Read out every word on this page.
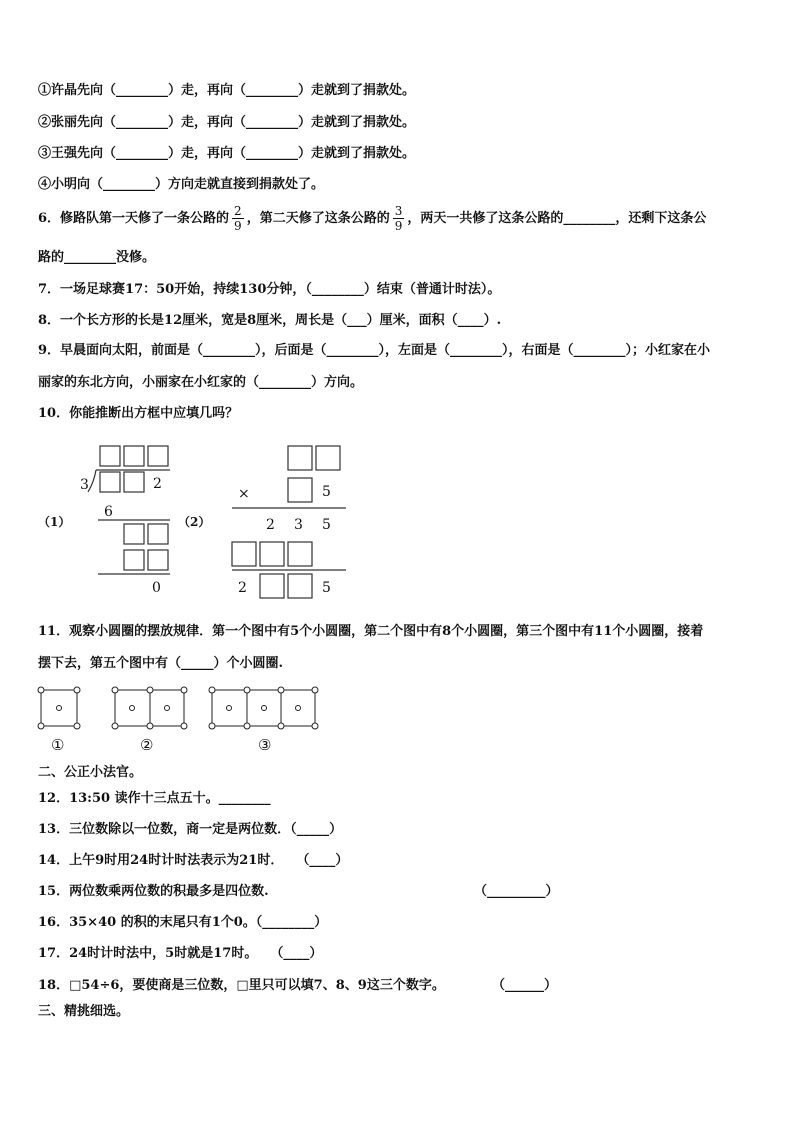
①许晶先向（________）走，再向（________）走就到了捐款处。
②张丽先向（________）走，再向（________）走就到了捐款处。
③王强先向（________）走，再向（________）走就到了捐款处。
④小明向（________）方向走就直接到捐款处了。
6．修路队第一天修了一条公路的 $\frac{2}{9}$ ，第二天修了这条公路的 $\frac{3}{9}$ ，两天一共修了这条公路的________，还剩下这条公
路的________没修。
7．一场足球赛17：50开始，持续130分钟，（________）结束（普通计时法）。
8．一个长方形的长是12厘米，宽是8厘米，周长是（___）厘米，面积（____）.
9．早晨面向太阳，前面是（________），后面是（________），左面是（________），右面是（________）；小红家在小
丽家的东北方向，小丽家在小红家的（________）方向。
10．你能推断出方框中应填几吗？
3	2
6
0
×	5
2 3 5
2	5
（1）	（2）
11．观察小圆圈的摆放规律．第一个图中有5个小圆圈，第二个图中有8个小圆圈，第三个图中有11个小圆圈，接着
摆下去，第五个图中有（_____）个小圆圈.
①	②	③
二、公正小法官。
12．13:50 读作十三点五十。________
13．三位数除以一位数，商一定是两位数．（_____）
14．上午9时用24时计时法表示为21时．　　（____）
15．两位数乘两位数的积最多是四位数.	（_________）
16．35×40 的积的末尾只有1个0。（________）
17．24时计时法中，5时就是17时。　　（____）
18．□54÷6，要使商是三位数，□里只可以填7、8、9这三个数字。	（______）
三、精挑细选。
